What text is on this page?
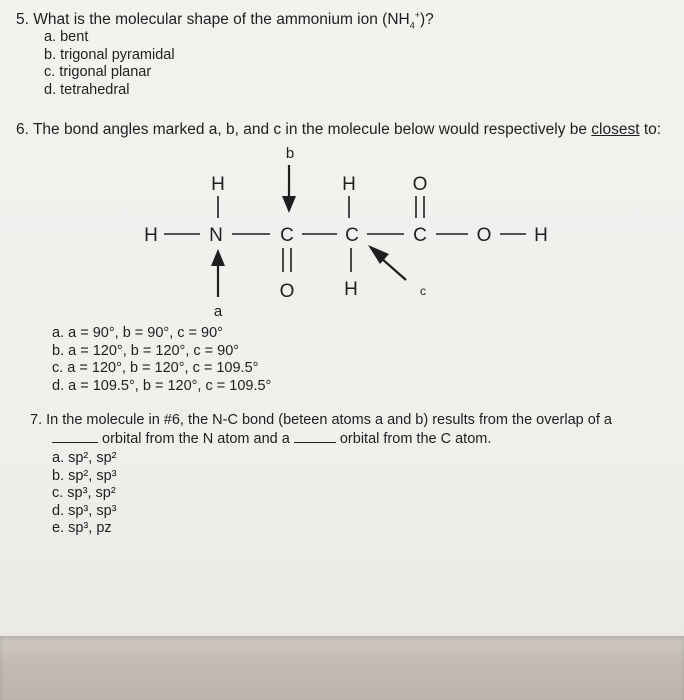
5. What is the molecular shape of the ammonium ion $(NH_4^+)$?
a. bent
b. trigonal pyramidal
c. trigonal planar
d. tetrahedral
6. The bond angles marked a, b, and c in the molecule below would respectively be closest to:
b
H	H	O
H	N	C	C	C	O H
O	H	c
a
a. a = 90°, b = 90°, c = 90°
b. a = 120°, b = 120°, c = 90°
c. a = 120°, b = 120°, c = 109.5°
d. a = 109.5°, b = 120°, c = 109.5°
7. In the molecule in #6, the N-C bond (beteen atoms a and b) results from the overlap of a
orbital from the N atom and a	orbital from the C atom.
a. sp², sp²
b. sp², sp³
c. sp³, sp²
d. sp³, sp³
e. sp³, pz
